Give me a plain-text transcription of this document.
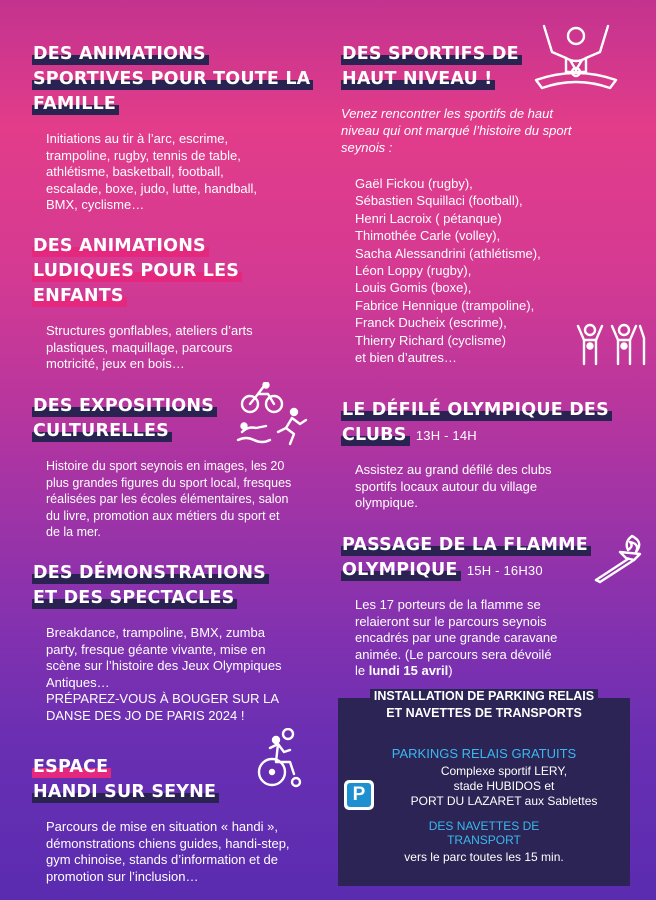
DES ANIMATIONS
SPORTIVES POUR TOUTE LA
FAMILLE
Initiations au tir à l’arc, escrime,
trampoline, rugby, tennis de table,
athlétisme, basketball, football,
escalade, boxe, judo, lutte, handball,
BMX, cyclisme…
DES ANIMATIONS
LUDIQUES POUR LES
ENFANTS
Structures gonflables, ateliers d’arts
plastiques, maquillage, parcours
motricité, jeux en bois…
DES EXPOSITIONS
CULTURELLES
Histoire du sport seynois en images, les 20
plus grandes figures du sport local, fresques
réalisées par les écoles élémentaires, salon
du livre, promotion aux métiers du sport et
de la mer.
DES DÉMONSTRATIONS
ET DES SPECTACLES
Breakdance, trampoline, BMX, zumba
party, fresque géante vivante, mise en
scène sur l’histoire des Jeux Olympiques
Antiques…
PRÉPAREZ-VOUS À BOUGER SUR LA
DANSE DES JO DE PARIS 2024 !
ESPACE
HANDI SUR SEYNE
Parcours de mise en situation « handi »,
démonstrations chiens guides, handi-step,
gym chinoise, stands d’information et de
promotion sur l’inclusion…
DES SPORTIFS DE
HAUT NIVEAU !
Venez rencontrer les sportifs de haut
niveau qui ont marqué l’histoire du sport
seynois :
Gaël Fickou (rugby),
Sébastien Squillaci (football),
Henri Lacroix ( pétanque)
Thimothée Carle (volley),
Sacha Alessandrini (athlétisme),
Léon Loppy (rugby),
Louis Gomis (boxe),
Fabrice Hennique (trampoline),
Franck Ducheix (escrime),
Thierry Richard (cyclisme)
et bien d’autres…
LE DÉFILÉ OLYMPIQUE DES
CLUBS 13H - 14H
Assistez au grand défilé des clubs
sportifs locaux autour du village
olympique.
PASSAGE DE LA FLAMME
OLYMPIQUE 15H - 16H30
Les 17 porteurs de la flamme se
relaieront sur le parcours seynois
encadrés par une grande caravane
animée. (Le parcours sera dévoilé
le lundi 15 avril)
INSTALLATION DE PARKING RELAIS
ET NAVETTES DE TRANSPORTS
PARKINGS RELAIS GRATUITS
Complexe sportif LERY,
stade HUBIDOS et
PORT DU LAZARET aux Sablettes
P
DES NAVETTES DE
TRANSPORT
vers le parc toutes les 15 min.
